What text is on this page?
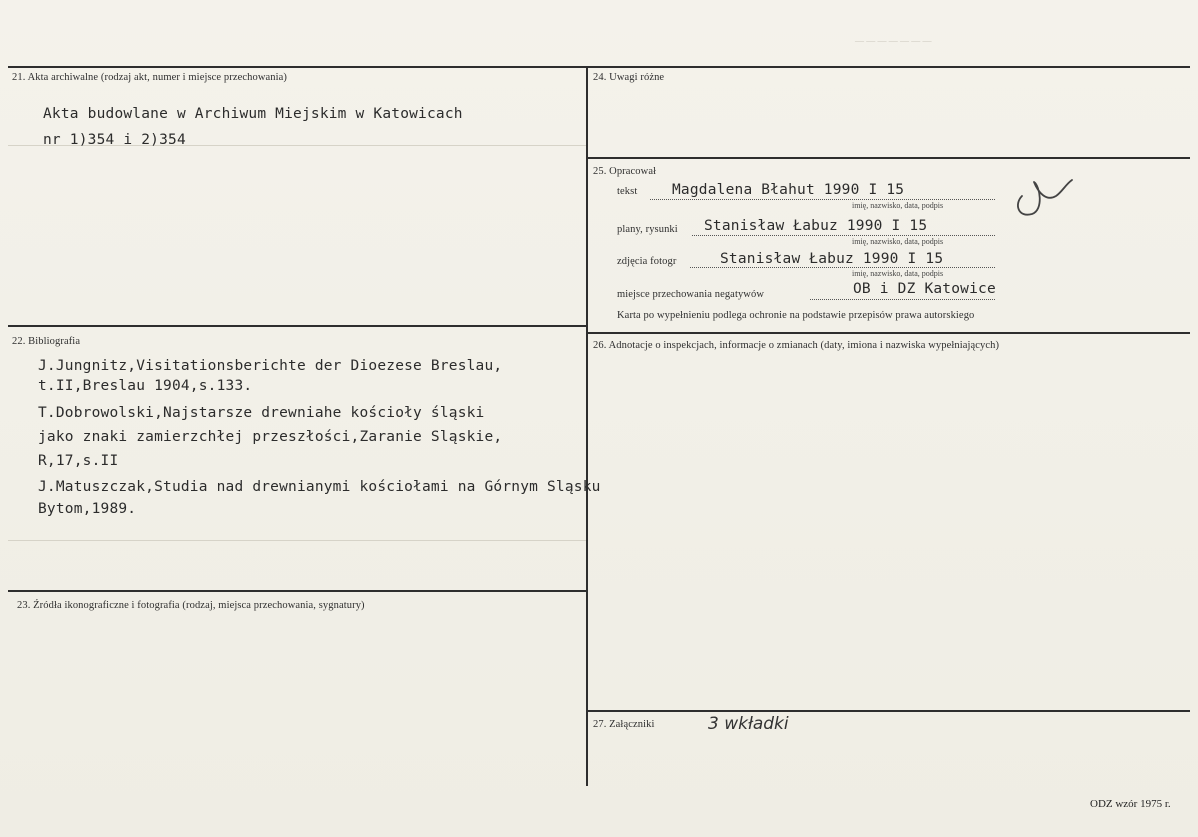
— — — — — — —
21. Akta archiwalne (rodzaj akt, numer i miejsce przechowania)
Akta budowlane w Archiwum Miejskim w Katowicach
nr 1)354 i 2)354
22. Bibliografia
J.Jungnitz,Visitationsberichte der Dioezese Breslau,
t.II,Breslau 1904,s.133.
T.Dobrowolski,Najstarsze drewniahe kościoły śląski
jako znaki zamierzchłej przeszłości,Zaranie Sląskie,
R,17,s.II
J.Matuszczak,Studia nad drewnianymi kościołami na Górnym Sląsku
Bytom,1989.
23. Źródła ikonograficzne i fotografia (rodzaj, miejsca przechowania, sygnatury)
24. Uwagi różne
25. Opracował
tekst Magdalena Błahut 1990 I 15
imię, nazwisko, data, podpis
plany, rysunki Stanisław Łabuz 1990 I 15
imię, nazwisko, data, podpis
zdjęcia fotogr	Stanisław Łabuz 1990 I 15
imię, nazwisko, data, podpis
miejsce przechowania negatywów	OB i DZ Katowice
Karta po wypełnieniu podlega ochronie na podstawie przepisów prawa autorskiego
26. Adnotacje o inspekcjach, informacje o zmianach (daty, imiona i nazwiska wypełniających)
27. Załączniki	3 wkładki
ODZ wzór 1975 r.
